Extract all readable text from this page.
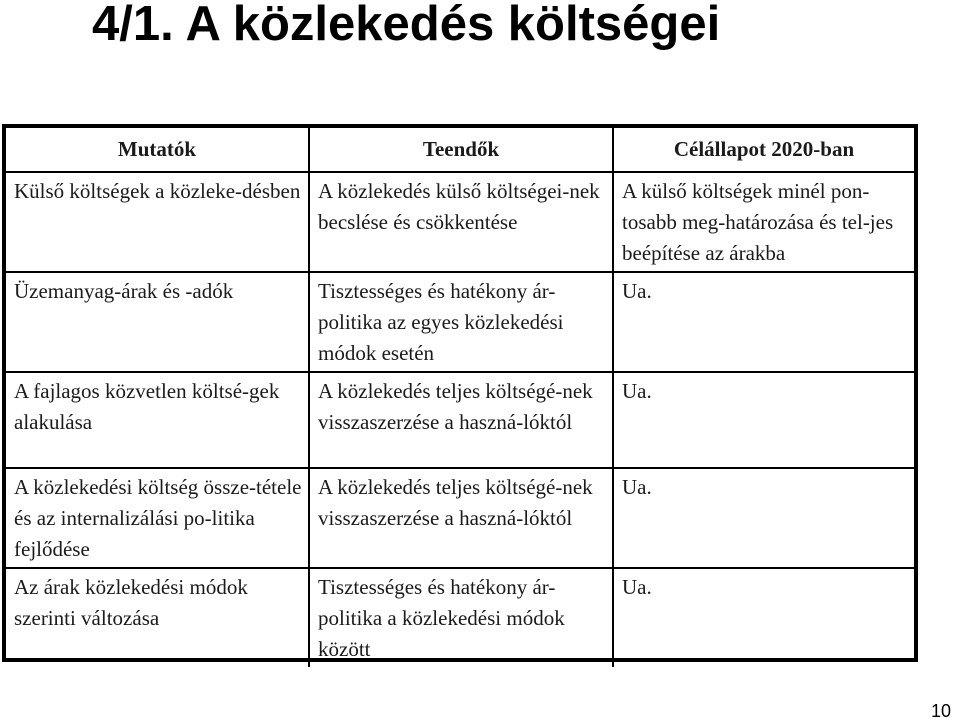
4/1. A közlekedés költségei
Mutatók	Teendők	Célállapot 2020-ban
Külső költségek a közleke-désben	A közlekedés külső költségei-nek becslése és csökkentése	A külső költségek minél pon-tosabb meg-határozása és tel-jes beépítése az árakba
Üzemanyag-árak és -adók	Tisztességes és hatékony ár-politika az egyes közlekedési módok esetén	Ua.
A fajlagos közvetlen költsé-gek alakulása	A közlekedés teljes költségé-nek visszaszerzése a haszná-lóktól	Ua.
A közlekedési költség össze-tétele és az internalizálási po-litika fejlődése	A közlekedés teljes költségé-nek visszaszerzése a haszná-lóktól	Ua.
Az árak közlekedési módok szerinti változása	Tisztességes és hatékony ár-politika a közlekedési módok között	Ua.
10
